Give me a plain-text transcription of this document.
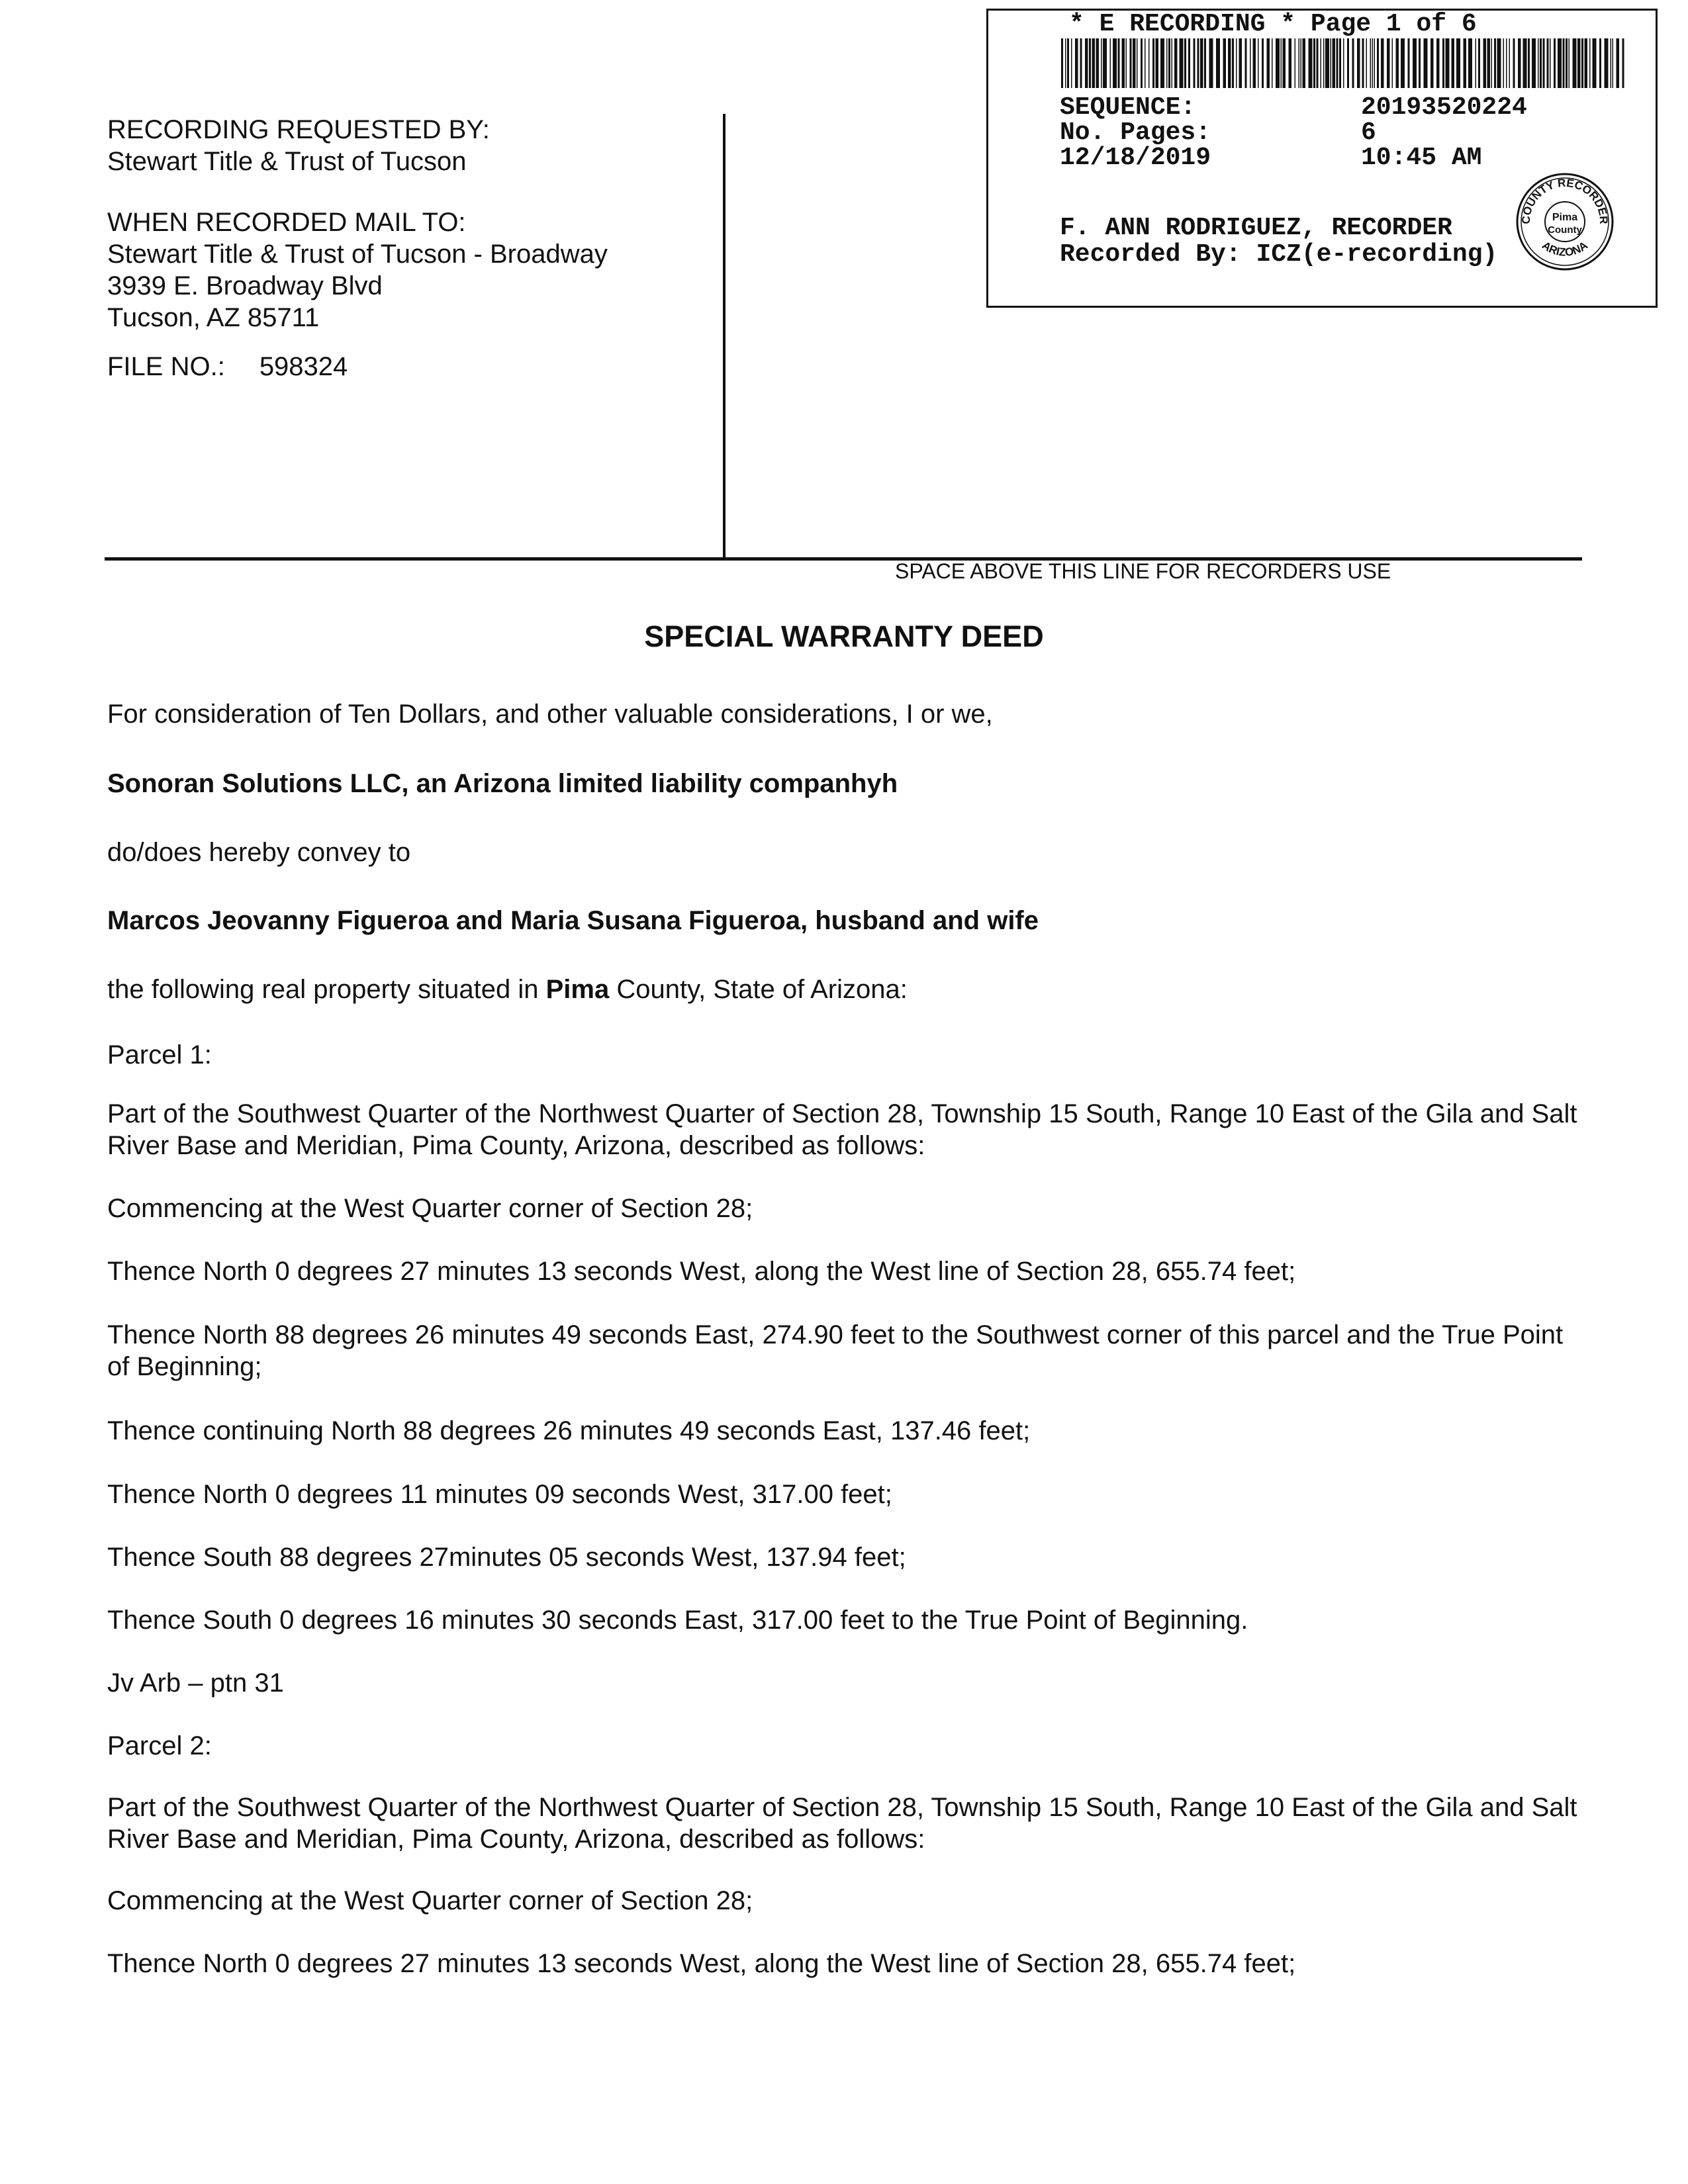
* E RECORDING * Page 1 of 6
SEQUENCE:	20193520224
No. Pages:	6
12/18/2019	10:45 AM
F. ANN RODRIGUEZ, RECORDER
Recorded By: ICZ(e-recording)
COUNTY RECORDER
ARIZONA
Pima
County
RECORDING REQUESTED BY:
Stewart Title & Trust of Tucson
WHEN RECORDED MAIL TO:
Stewart Title & Trust of Tucson - Broadway
3939 E. Broadway Blvd
Tucson, AZ 85711
FILE NO.: 598324
SPACE ABOVE THIS LINE FOR RECORDERS USE
SPECIAL WARRANTY DEED
For consideration of Ten Dollars, and other valuable considerations, I or we,
Sonoran Solutions LLC, an Arizona limited liability companhyh
do/does hereby convey to
Marcos Jeovanny Figueroa and Maria Susana Figueroa, husband and wife
the following real property situated in Pima County, State of Arizona:
Parcel 1:
Part of the Southwest Quarter of the Northwest Quarter of Section 28, Township 15 South, Range 10 East of the Gila and Salt River Base and Meridian, Pima County, Arizona, described as follows:
Commencing at the West Quarter corner of Section 28;
Thence North 0 degrees 27 minutes 13 seconds West, along the West line of Section 28, 655.74 feet;
Thence North 88 degrees 26 minutes 49 seconds East, 274.90 feet to the Southwest corner of this parcel and the True Point of Beginning;
Thence continuing North 88 degrees 26 minutes 49 seconds East, 137.46 feet;
Thence North 0 degrees 11 minutes 09 seconds West, 317.00 feet;
Thence South 88 degrees 27minutes 05 seconds West, 137.94 feet;
Thence South 0 degrees 16 minutes 30 seconds East, 317.00 feet to the True Point of Beginning.
Jv Arb – ptn 31
Parcel 2:
Part of the Southwest Quarter of the Northwest Quarter of Section 28, Township 15 South, Range 10 East of the Gila and Salt River Base and Meridian, Pima County, Arizona, described as follows:
Commencing at the West Quarter corner of Section 28;
Thence North 0 degrees 27 minutes 13 seconds West, along the West line of Section 28, 655.74 feet;
